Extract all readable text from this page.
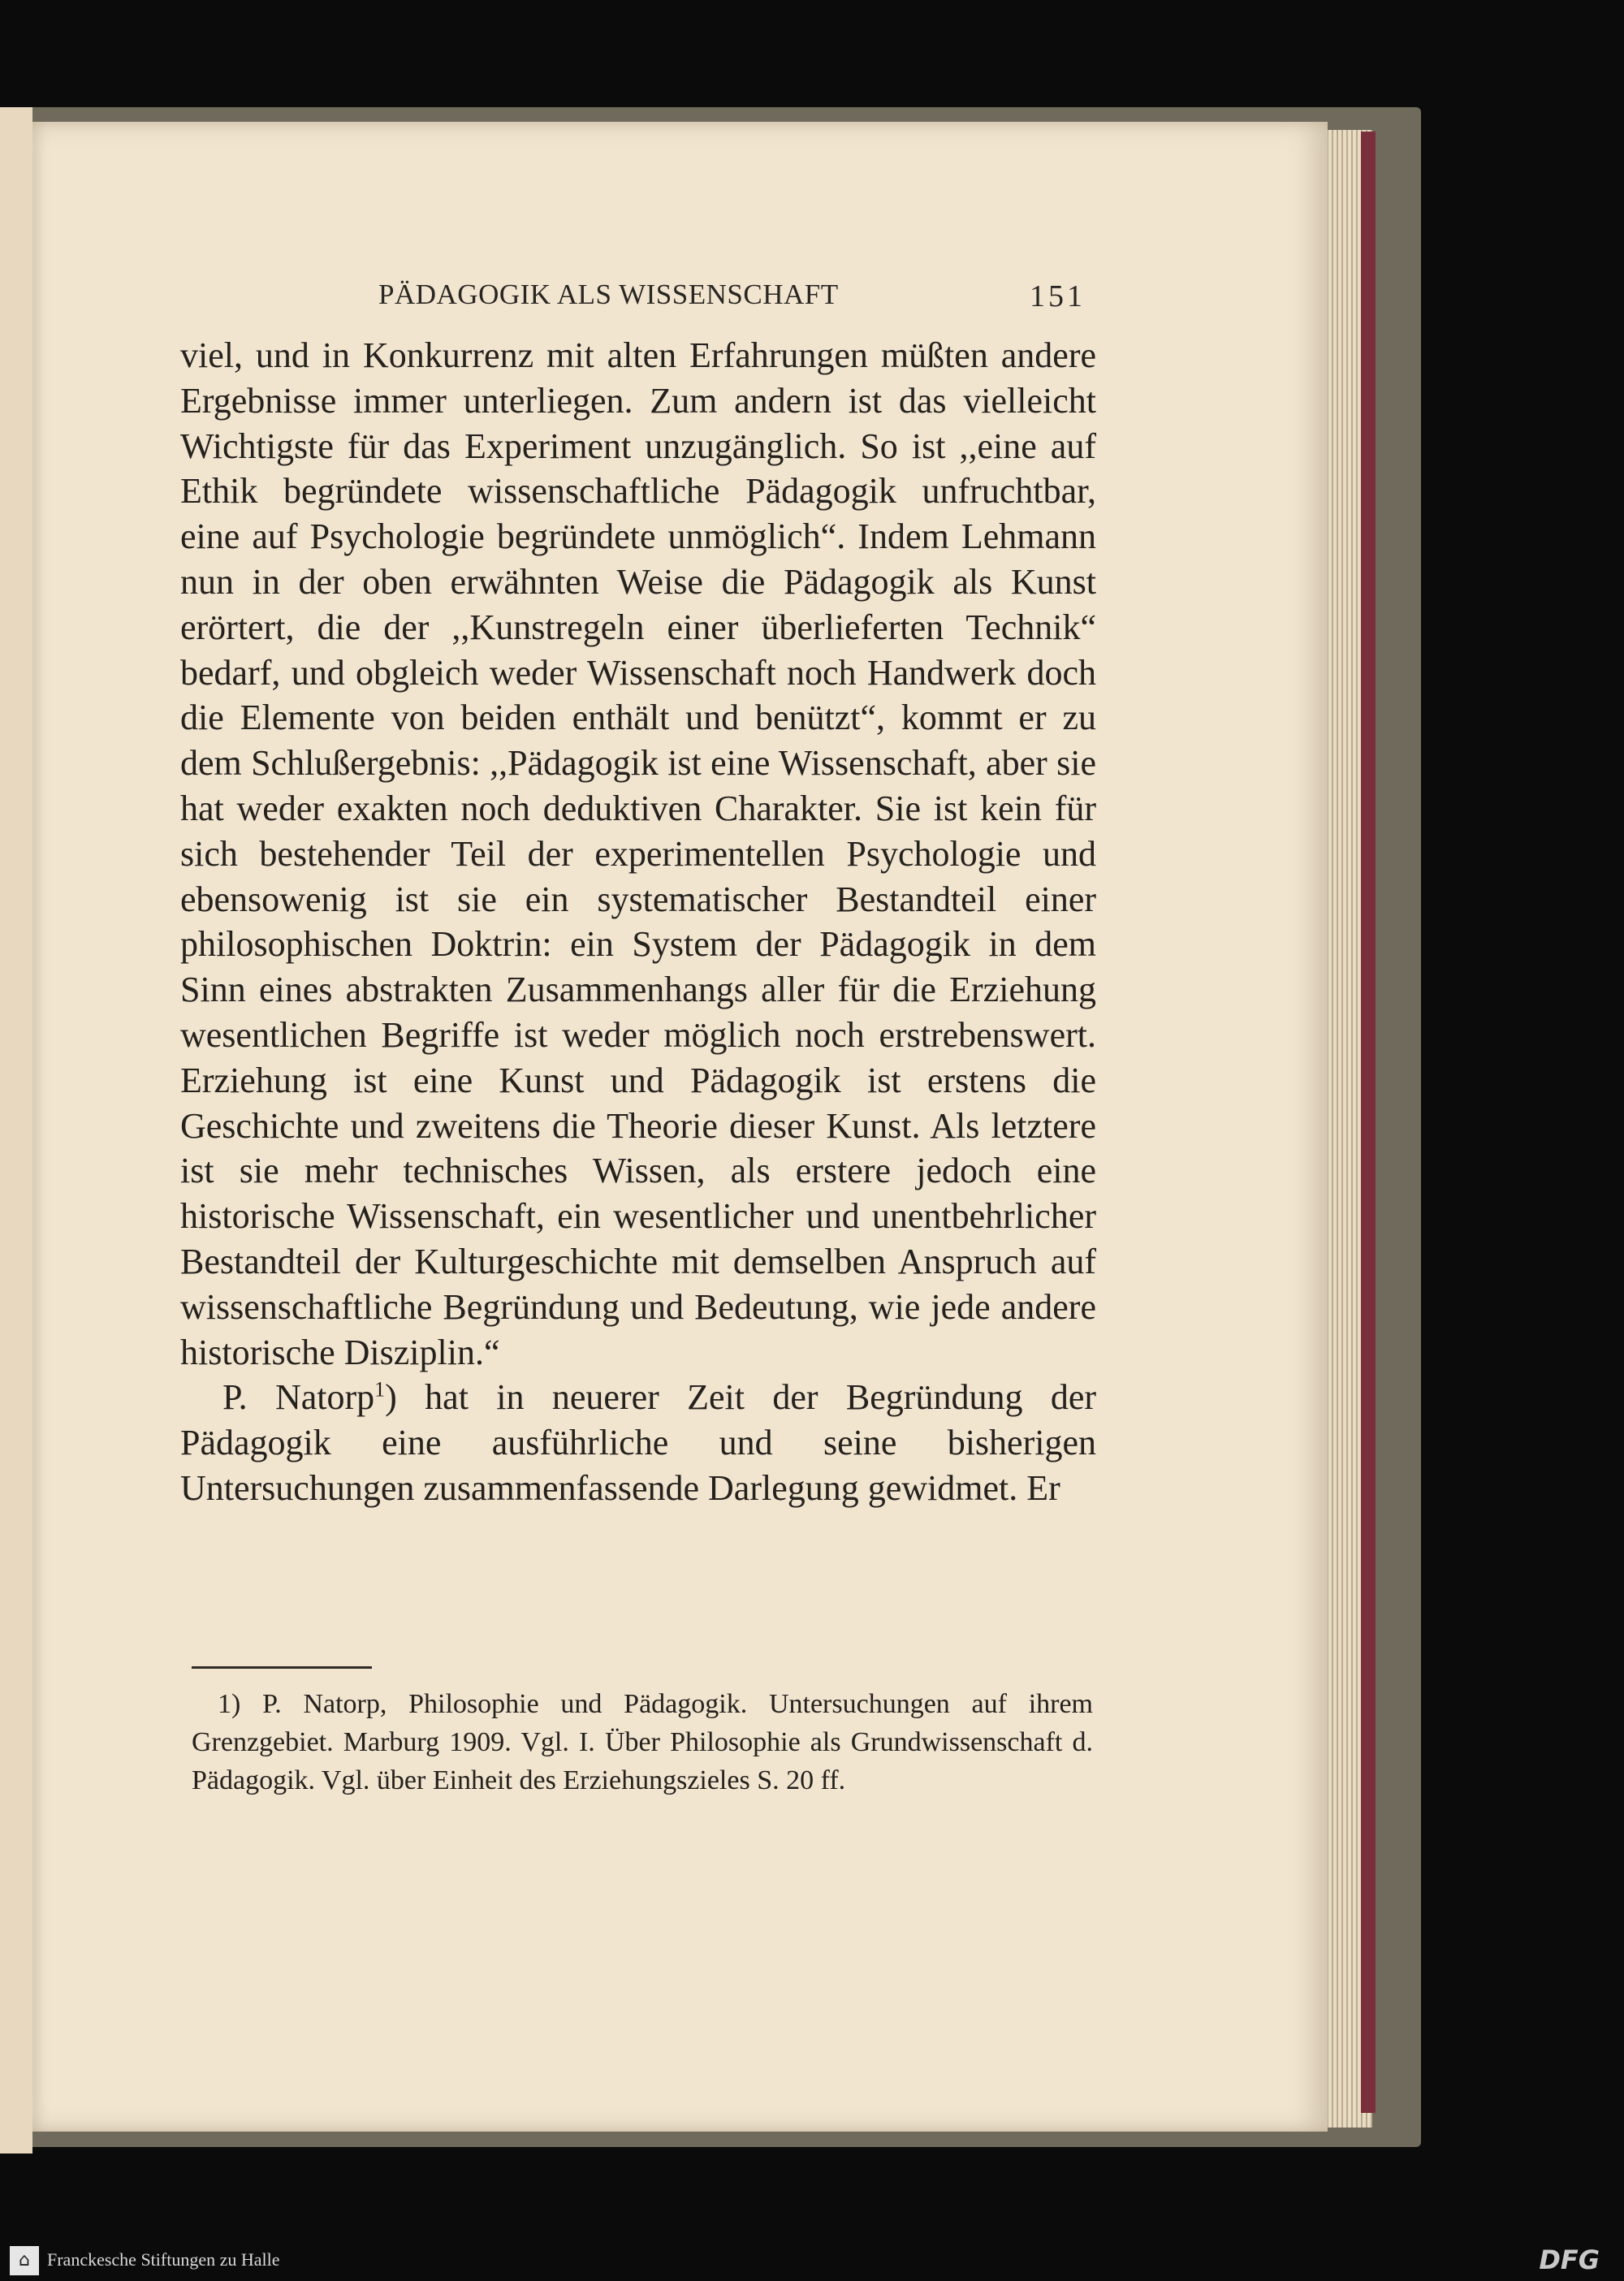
PÄDAGOGIK ALS WISSENSCHAFT	151

viel, und in Konkurrenz mit alten Erfahrungen müßten andere Ergebnisse immer unterliegen. Zum andern ist das vielleicht Wichtigste für das Experiment unzugänglich. So ist ,,eine auf Ethik begründete wissenschaftliche Pädagogik unfruchtbar, eine auf Psychologie begründete unmöglich“. Indem Lehmann nun in der oben erwähnten Weise die Pädagogik als Kunst erörtert, die der ,,Kunstregeln einer überlieferten Technik“ bedarf, und obgleich weder Wissenschaft noch Handwerk doch die Elemente von beiden enthält und benützt“, kommt er zu dem Schlußergebnis: ,,Pädagogik ist eine Wissenschaft, aber sie hat weder exakten noch deduktiven Charakter. Sie ist kein für sich bestehender Teil der experimentellen Psychologie und ebensowenig ist sie ein systematischer Bestandteil einer philosophischen Doktrin: ein System der Pädagogik in dem Sinn eines abstrakten Zusammenhangs aller für die Erziehung wesentlichen Begriffe ist weder möglich noch erstrebenswert. Erziehung ist eine Kunst und Pädagogik ist erstens die Geschichte und zweitens die Theorie dieser Kunst. Als letztere ist sie mehr technisches Wissen, als erstere jedoch eine historische Wissenschaft, ein wesentlicher und unentbehrlicher Bestandteil der Kulturgeschichte mit demselben Anspruch auf wissenschaftliche Begründung und Bedeutung, wie jede andere historische Disziplin.“

P. Natorp$^1$) hat in neuerer Zeit der Begründung der Pädagogik eine ausführliche und seine bisherigen Untersuchungen zusammenfassende Darlegung gewidmet. Er

1) P. Natorp, Philosophie und Pädagogik. Untersuchungen auf ihrem Grenzgebiet. Marburg 1909. Vgl. I. Über Philosophie als Grundwissenschaft d. Pädagogik. Vgl. über Einheit des Erziehungszieles S. 20 ff.

⌂ Franckesche Stiftungen zu Halle	DFG
